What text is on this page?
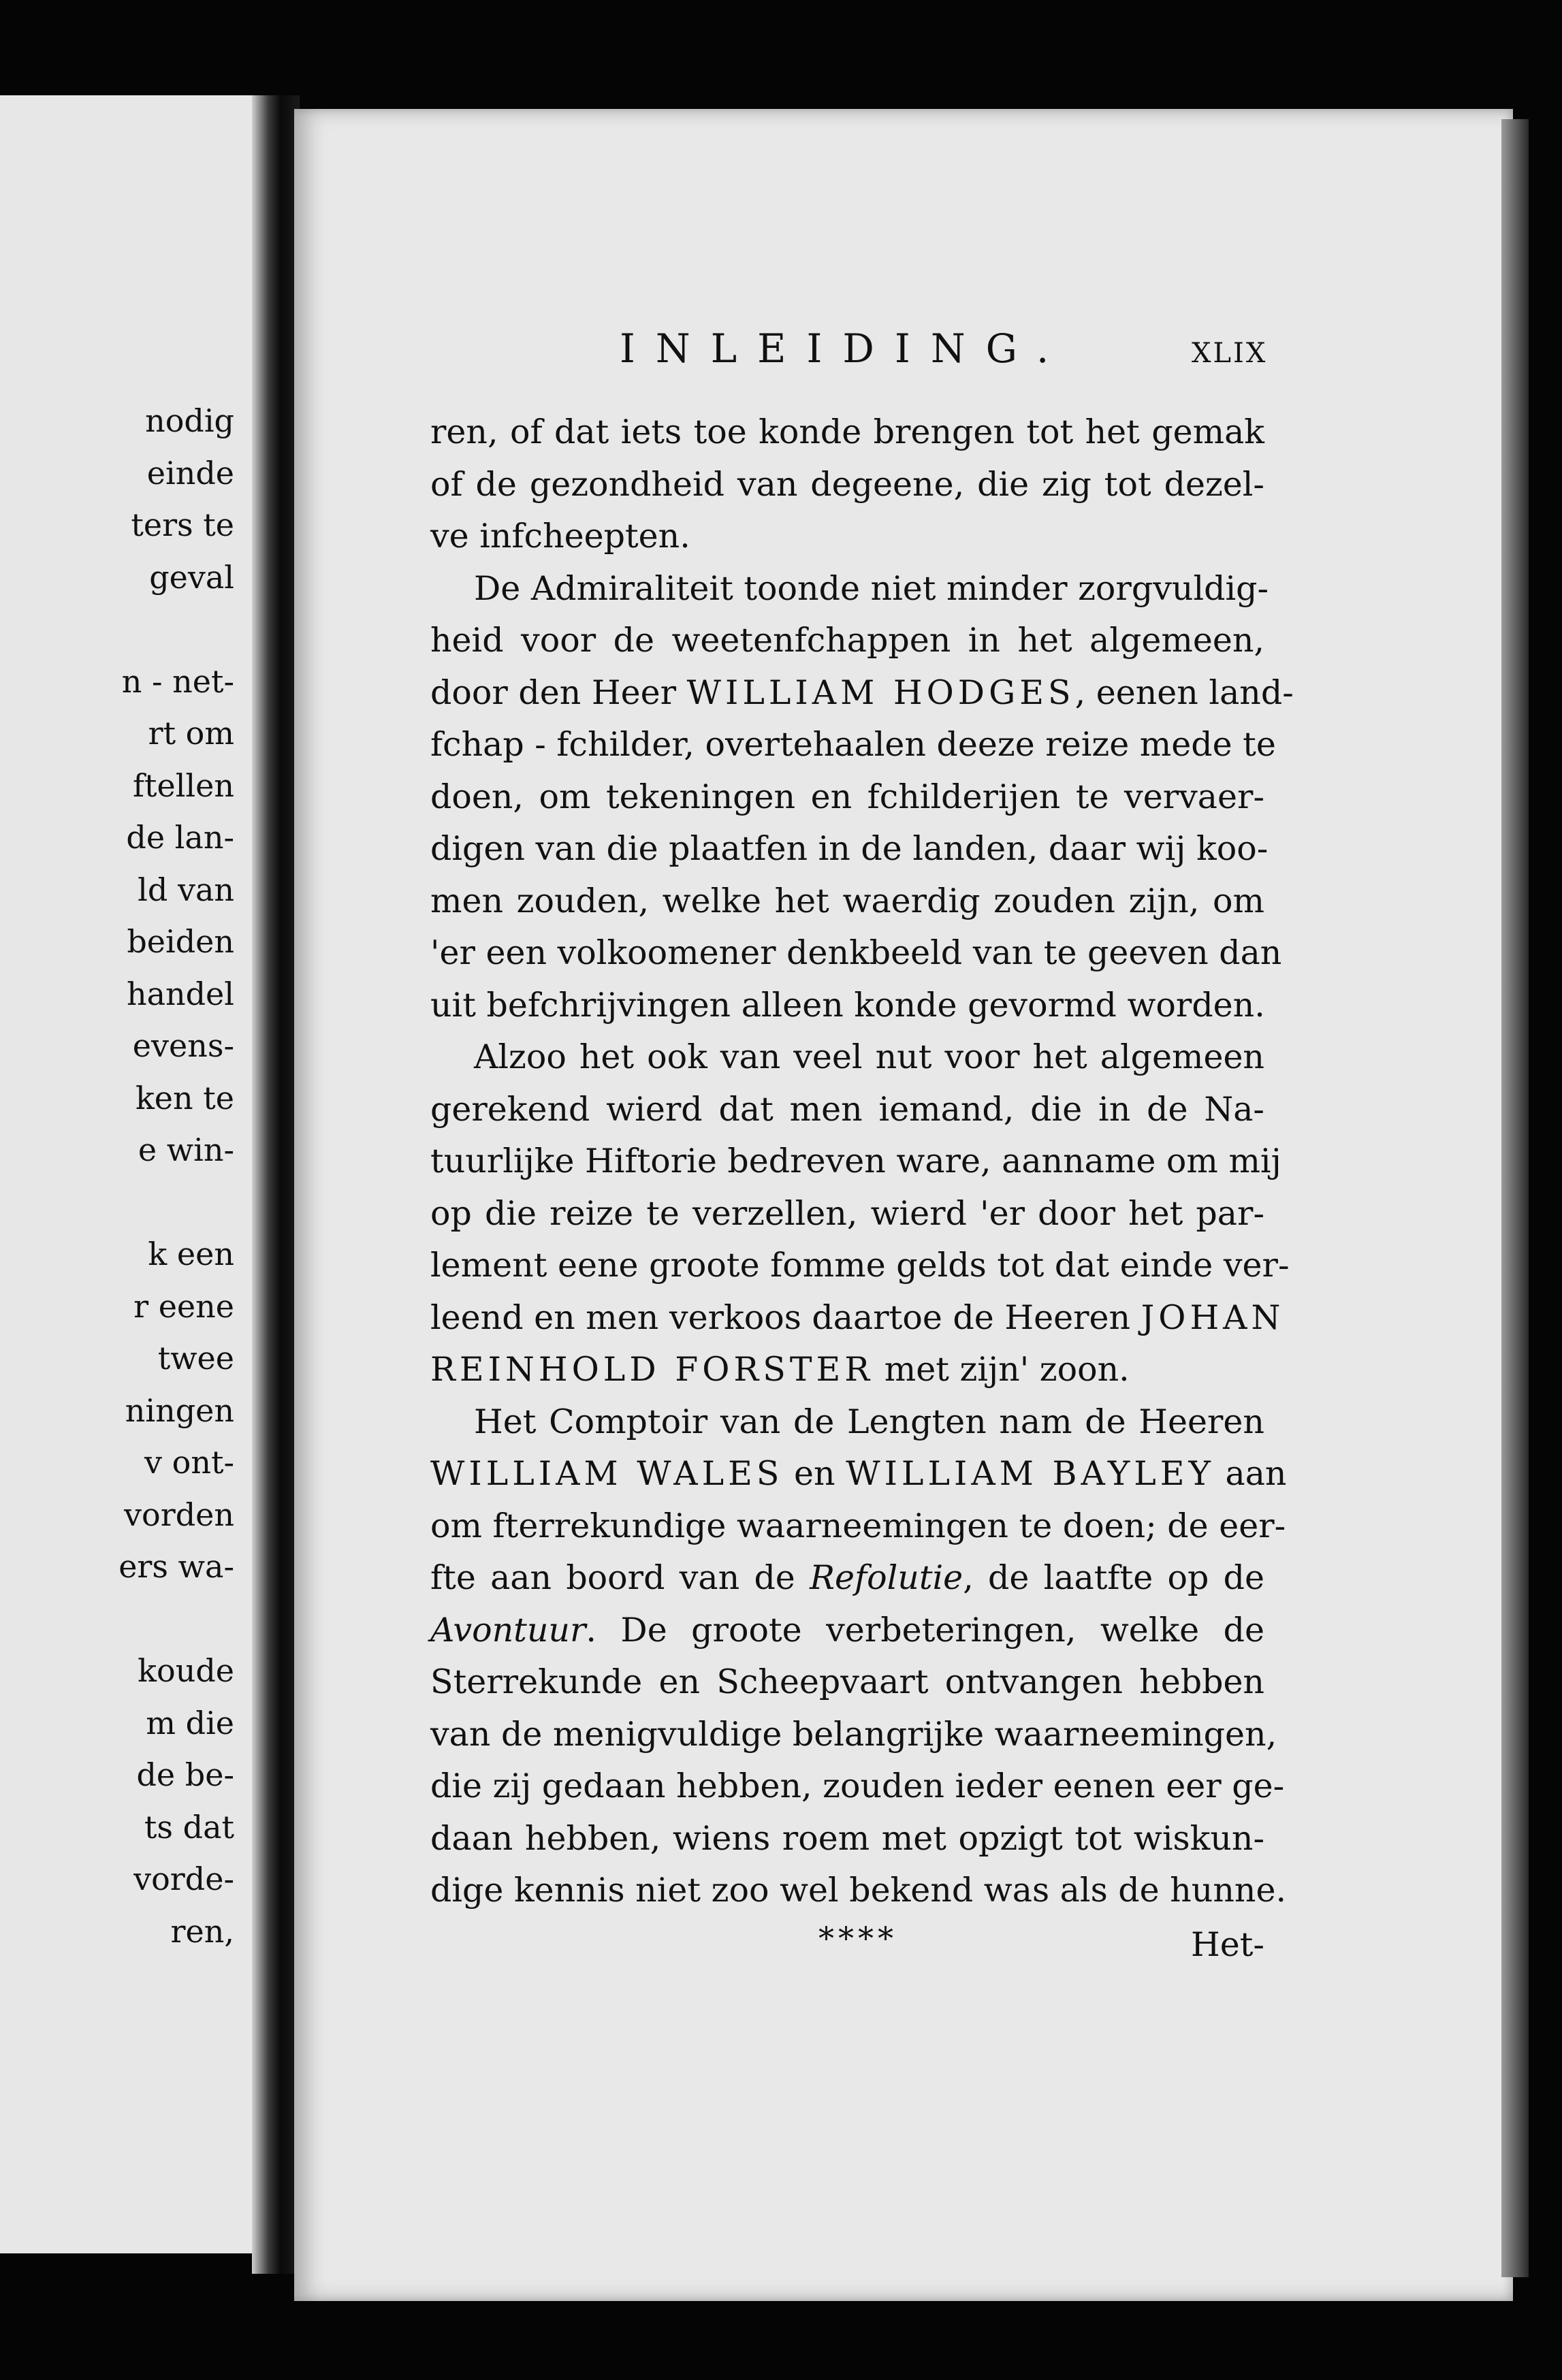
nodig
einde
ters te
geval
n - net-
rt om
ftellen
de lan-
ld van
beiden
handel
evens-
ken te
e win-
k een
r eene
twee
ningen
v ont-
vorden
ers wa-
koude
m die
de be-
ts dat
vorde-
ren,
INLEIDING.	XLIX
ren, of dat iets toe konde brengen tot het gemak
of de gezondheid van degeene, die zig tot dezel-
ve infcheepten.
De Admiraliteit toonde niet minder zorgvuldig-
heid voor de weetenfchappen in het algemeen,
door den Heer WILLIAM HODGES, eenen land-
fchap - fchilder, overtehaalen deeze reize mede te
doen, om tekeningen en fchilderijen te vervaer-
digen van die plaatfen in de landen, daar wij koo-
men zouden, welke het waerdig zouden zijn, om
'er een volkoomener denkbeeld van te geeven dan
uit befchrijvingen alleen konde gevormd worden.
Alzoo het ook van veel nut voor het algemeen
gerekend wierd dat men iemand, die in de Na-
tuurlijke Hiftorie bedreven ware, aanname om mij
op die reize te verzellen, wierd 'er door het par-
lement eene groote fomme gelds tot dat einde ver-
leend en men verkoos daartoe de Heeren JOHAN
REINHOLD FORSTER met zijn' zoon.
Het Comptoir van de Lengten nam de Heeren
WILLIAM WALES en WILLIAM BAYLEY aan
om fterrekundige waarneemingen te doen; de eer-
fte aan boord van de Refolutie, de laatfte op de
Avontuur. De groote verbeteringen, welke de
Sterrekunde en Scheepvaart ontvangen hebben
van de menigvuldige belangrijke waarneemingen,
die zij gedaan hebben, zouden ieder eenen eer ge-
daan hebben, wiens roem met opzigt tot wiskun-
dige kennis niet zoo wel bekend was als de hunne.
****	Het-
